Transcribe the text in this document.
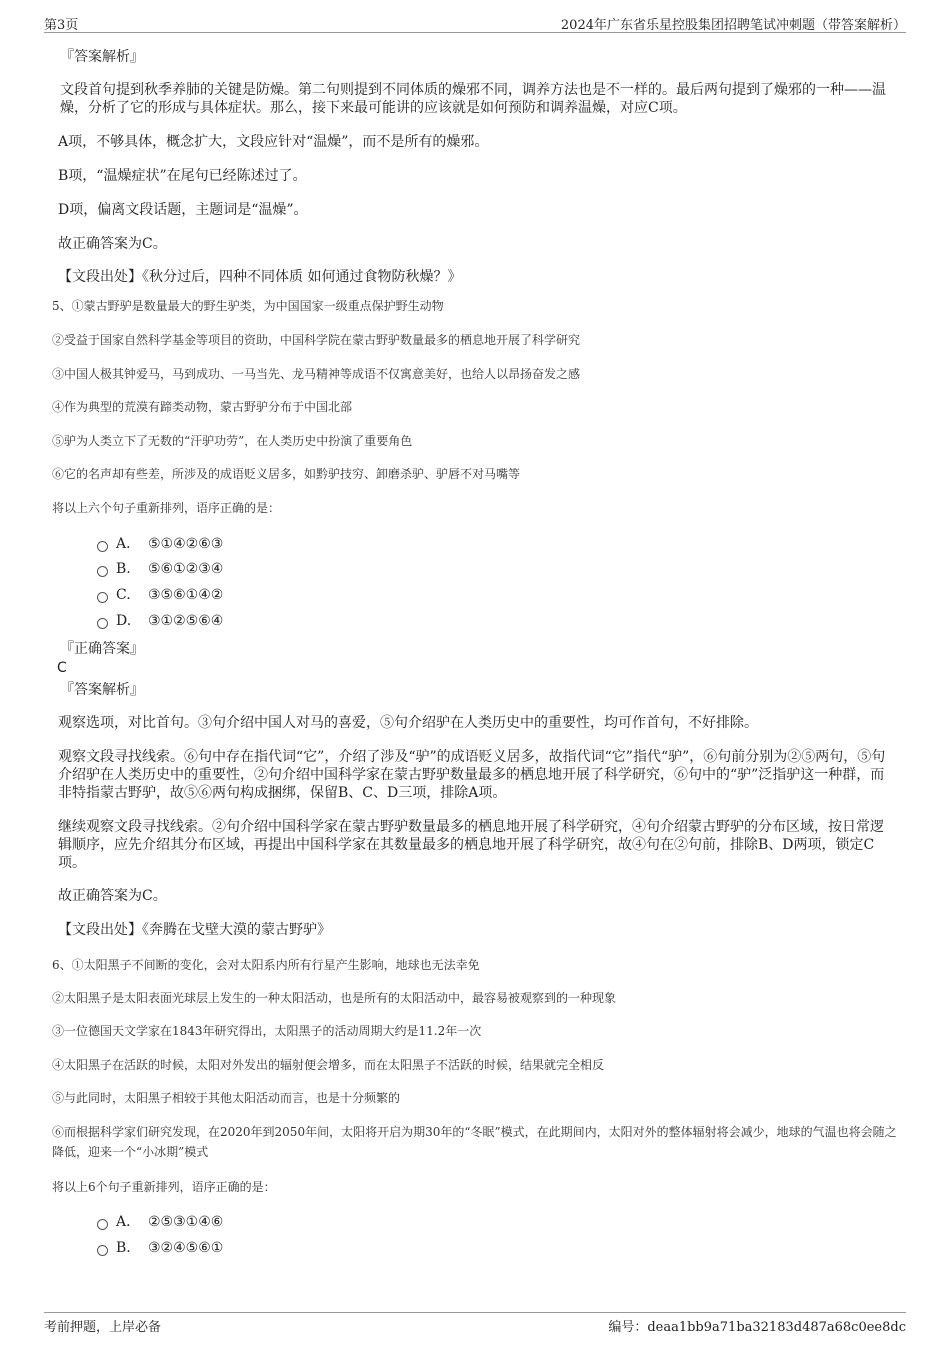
第3页	2024年广东省乐星控股集团招聘笔试冲刺题（带答案解析）
『答案解析』

文段首句提到秋季养肺的关键是防燥。第二句则提到不同体质的燥邪不同，调养方法也是不一样的。最后两句提到了燥邪的一种——温燥，分析了它的形成与具体症状。那么，接下来最可能讲的应该就是如何预防和调养温燥，对应C项。

A项，不够具体，概念扩大，文段应针对“温燥”，而不是所有的燥邪。

B项，“温燥症状”在尾句已经陈述过了。

D项，偏离文段话题，主题词是“温燥”。

故正确答案为C。

【文段出处】《秋分过后，四种不同体质 如何通过食物防秋燥？》

5、①蒙古野驴是数量最大的野生驴类，为中国国家一级重点保护野生动物

②受益于国家自然科学基金等项目的资助，中国科学院在蒙古野驴数量最多的栖息地开展了科学研究

③中国人极其钟爱马，马到成功、一马当先、龙马精神等成语不仅寓意美好，也给人以昂扬奋发之感

④作为典型的荒漠有蹄类动物，蒙古野驴分布于中国北部

⑤驴为人类立下了无数的“汗驴功劳”，在人类历史中扮演了重要角色

⑥它的名声却有些差，所涉及的成语贬义居多，如黔驴技穷、卸磨杀驴、驴唇不对马嘴等

将以上六个句子重新排列，语序正确的是：

A． ⑤①④②⑥③
B. ⑤⑥①②③④
C. ③⑤⑥①④②
D. ③①②⑤⑥④
『正确答案』
C
『答案解析』

观察选项，对比首句。③句介绍中国人对马的喜爱，⑤句介绍驴在人类历史中的重要性，均可作首句，不好排除。

观察文段寻找线索。⑥句中存在指代词“它”，介绍了涉及“驴”的成语贬义居多，故指代词“它”指代“驴”，⑥句前分别为②⑤两句，⑤句介绍驴在人类历史中的重要性，②句介绍中国科学家在蒙古野驴数量最多的栖息地开展了科学研究，⑥句中的“驴”泛指驴这一种群，而非特指蒙古野驴，故⑤⑥两句构成捆绑，保留B、C、D三项，排除A项。

继续观察文段寻找线索。②句介绍中国科学家在蒙古野驴数量最多的栖息地开展了科学研究，④句介绍蒙古野驴的分布区域，按日常逻辑顺序，应先介绍其分布区域，再提出中国科学家在其数量最多的栖息地开展了科学研究，故④句在②句前，排除B、D两项，锁定C项。

故正确答案为C。

【文段出处】《奔腾在戈壁大漠的蒙古野驴》

6、①太阳黑子不间断的变化，会对太阳系内所有行星产生影响，地球也无法幸免

②太阳黑子是太阳表面光球层上发生的一种太阳活动，也是所有的太阳活动中，最容易被观察到的一种现象

③一位德国天文学家在1843年研究得出，太阳黑子的活动周期大约是11.2年一次

④太阳黑子在活跃的时候，太阳对外发出的辐射便会增多，而在太阳黑子不活跃的时候，结果就完全相反

⑤与此同时，太阳黑子相较于其他太阳活动而言，也是十分频繁的

⑥而根据科学家们研究发现，在2020年到2050年间，太阳将开启为期30年的“冬眠”模式，在此期间内，太阳对外的整体辐射将会减少，地球的气温也将会随之降低，迎来一个“小冰期”模式

将以上6个句子重新排列，语序正确的是：

A． ②⑤③①④⑥
B. ③②④⑤⑥①
考前押题，上岸必备	编号：deaa1bb9a71ba32183d487a68c0ee8dc
